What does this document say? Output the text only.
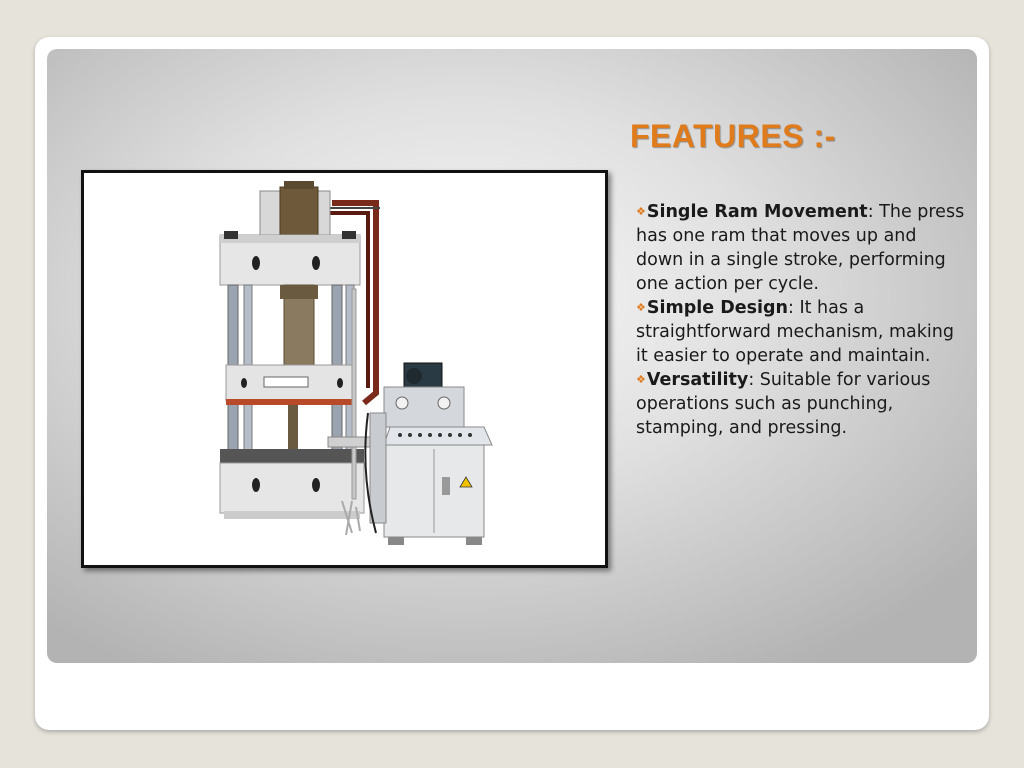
FEATURES :-

❖Single Ram Movement: The press has one ram that moves up and down in a single stroke, performing one action per cycle.

❖Simple Design: It has a straightforward mechanism, making it easier to operate and maintain.

❖Versatility: Suitable for various operations such as punching, stamping, and pressing.
